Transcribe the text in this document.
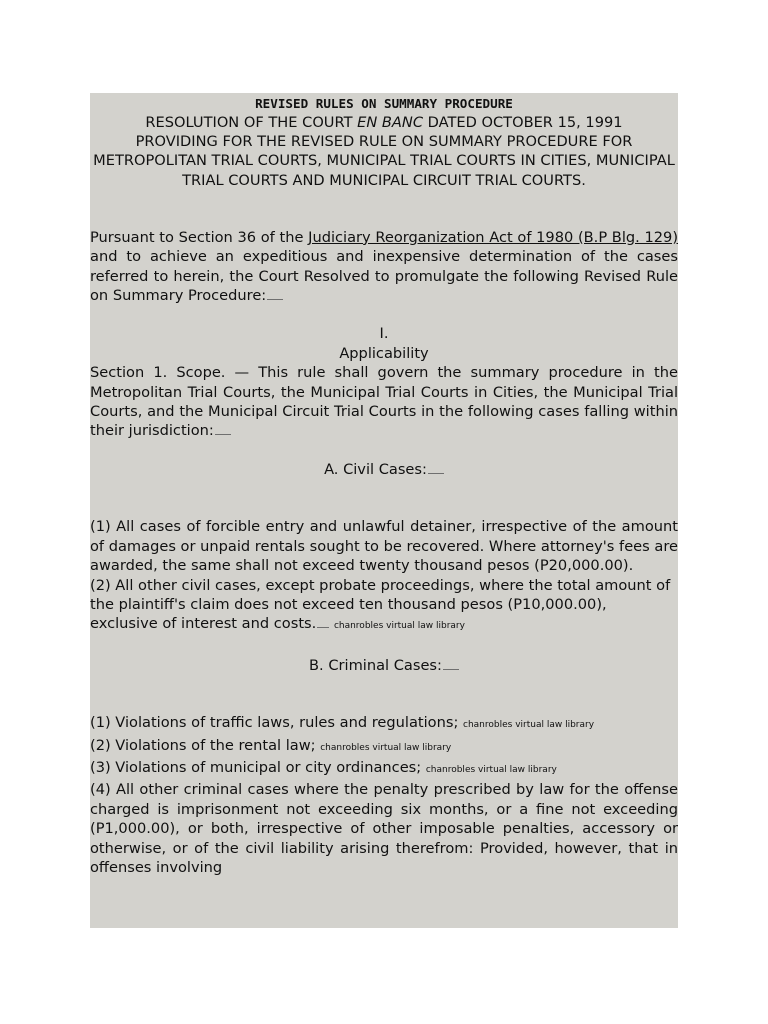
REVISED RULES ON SUMMARY PROCEDURE
RESOLUTION OF THE COURT EN BANC DATED OCTOBER 15, 1991
PROVIDING FOR THE REVISED RULE ON SUMMARY PROCEDURE FOR METROPOLITAN TRIAL COURTS, MUNICIPAL TRIAL COURTS IN CITIES, MUNICIPAL TRIAL COURTS AND MUNICIPAL CIRCUIT TRIAL COURTS.

Pursuant to Section 36 of the Judiciary Reorganization Act of 1980 (B.P Blg. 129) and to achieve an expeditious and inexpensive determination of the cases referred to herein, the Court Resolved to promulgate the following Revised Rule on Summary Procedure:

I.
Applicability

Section 1. Scope. — This rule shall govern the summary procedure in the Metropolitan Trial Courts, the Municipal Trial Courts in Cities, the Municipal Trial Courts, and the Municipal Circuit Trial Courts in the following cases falling within their jurisdiction:

A. Civil Cases:

(1) All cases of forcible entry and unlawful detainer, irrespective of the amount of damages or unpaid rentals sought to be recovered. Where attorney's fees are awarded, the same shall not exceed twenty thousand pesos (P20,000.00).

(2) All other civil cases, except probate proceedings, where the total amount of the plaintiff's claim does not exceed ten thousand pesos (P10,000.00), exclusive of interest and costs. chanrobles virtual law library

B. Criminal Cases:

(1) Violations of traffic laws, rules and regulations; chanrobles virtual law library

(2) Violations of the rental law; chanrobles virtual law library

(3) Violations of municipal or city ordinances; chanrobles virtual law library

(4) All other criminal cases where the penalty prescribed by law for the offense charged is imprisonment not exceeding six months, or a fine not exceeding (P1,000.00), or both, irrespective of other imposable penalties, accessory or otherwise, or of the civil liability arising therefrom: Provided, however, that in offenses involving
